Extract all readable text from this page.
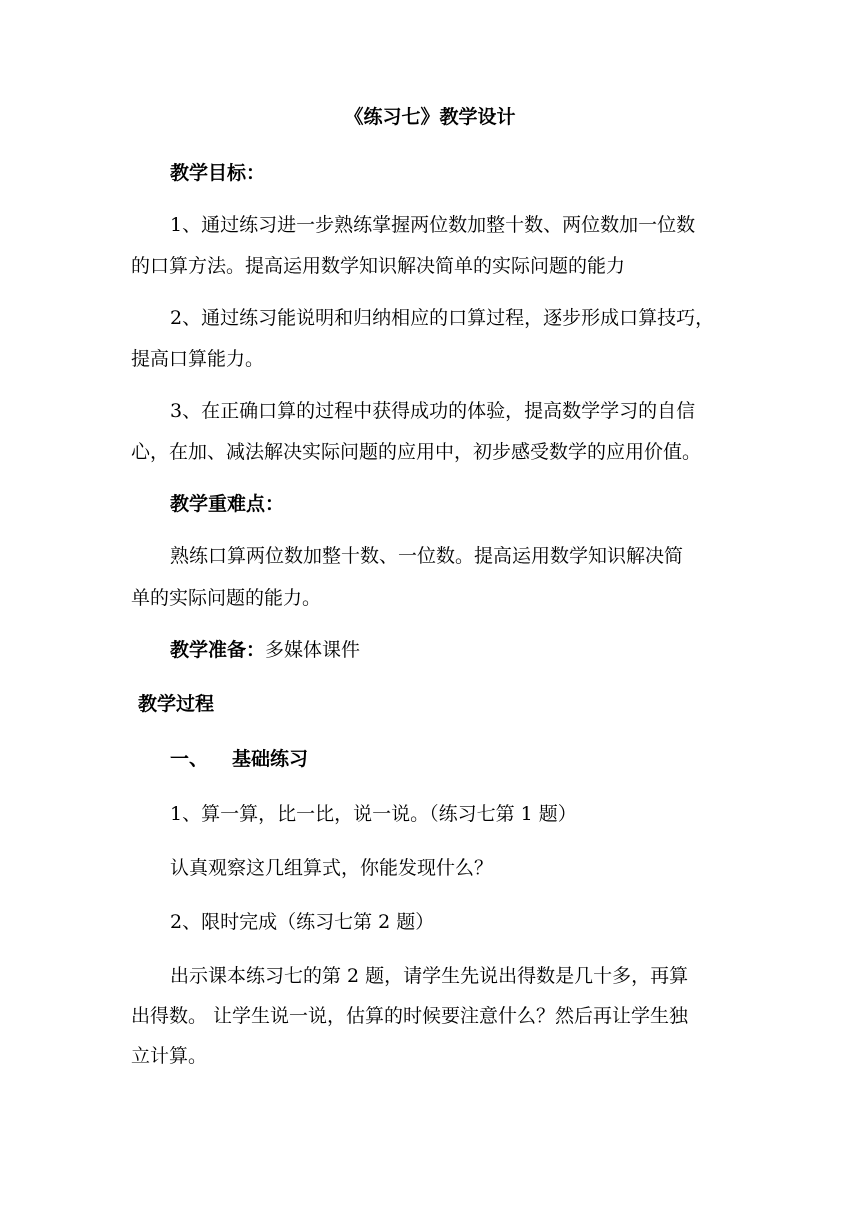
《练习七》教学设计
教学目标：
1、通过练习进一步熟练掌握两位数加整十数、两位数加一位数
的口算方法。提高运用数学知识解决简单的实际问题的能力
2、通过练习能说明和归纳相应的口算过程，逐步形成口算技巧，
提高口算能力。
3、在正确口算的过程中获得成功的体验，提高数学学习的自信
心，在加、减法解决实际问题的应用中，初步感受数学的应用价值。
教学重难点：
熟练口算两位数加整十数、一位数。提高运用数学知识解决简
单的实际问题的能力。
教学准备：多媒体课件
教学过程
一、 基础练习
1、算一算，比一比，说一说。（练习七第 1 题）
认真观察这几组算式，你能发现什么？
2、限时完成（练习七第 2 题）
出示课本练习七的第 2 题，请学生先说出得数是几十多，再算
出得数。 让学生说一说，估算的时候要注意什么？然后再让学生独
立计算。
